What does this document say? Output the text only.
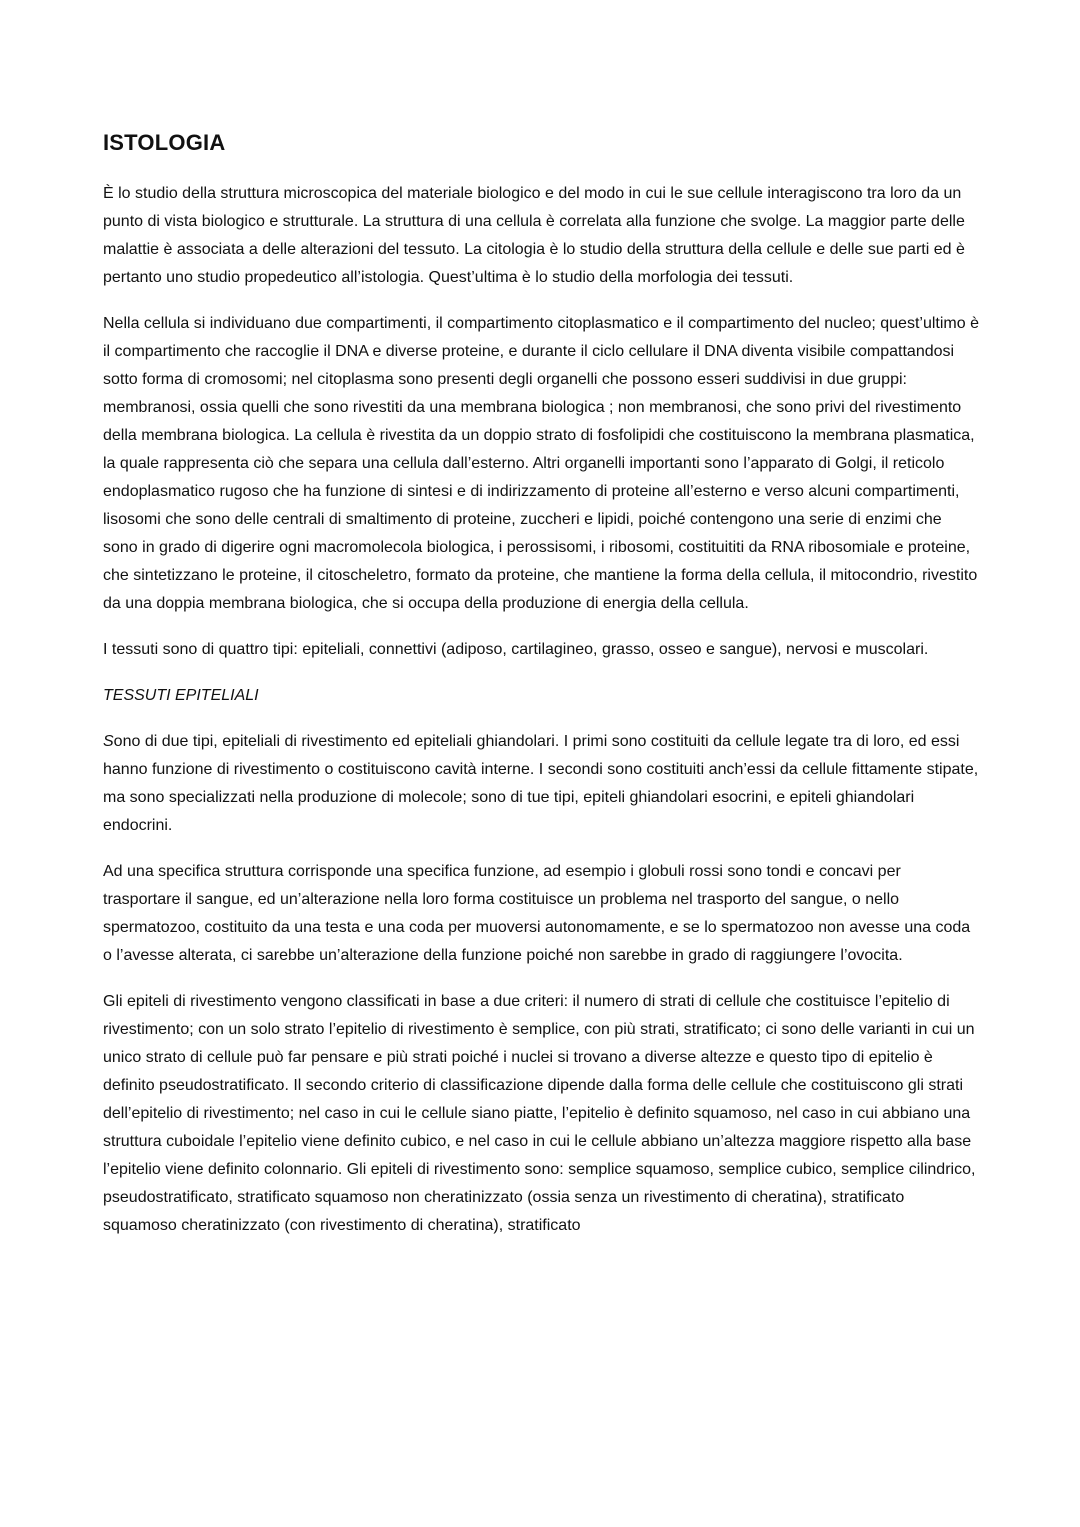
ISTOLOGIA

È lo studio della struttura microscopica del materiale biologico e del modo in cui le sue cellule interagiscono tra loro da un punto di vista biologico e strutturale. La struttura di una cellula è correlata alla funzione che svolge. La maggior parte delle malattie è associata a delle alterazioni del tessuto. La citologia è lo studio della struttura della cellule e delle sue parti ed è pertanto uno studio propedeutico all’istologia. Quest’ultima è lo studio della morfologia dei tessuti.

Nella cellula si individuano due compartimenti, il compartimento citoplasmatico e il compartimento del nucleo; quest’ultimo è il compartimento che raccoglie il DNA e diverse proteine, e durante il ciclo cellulare il DNA diventa visibile compattandosi sotto forma di cromosomi; nel citoplasma sono presenti degli organelli che possono esseri suddivisi in due gruppi: membranosi, ossia quelli che sono rivestiti da una membrana biologica ; non membranosi, che sono privi del rivestimento della membrana biologica. La cellula è rivestita da un doppio strato di fosfolipidi che costituiscono la membrana plasmatica, la quale rappresenta ciò che separa una cellula dall’esterno. Altri organelli importanti sono l’apparato di Golgi, il reticolo endoplasmatico rugoso che ha funzione di sintesi e di indirizzamento di proteine all’esterno e verso alcuni compartimenti, lisosomi che sono delle centrali di smaltimento di proteine, zuccheri e lipidi, poiché contengono una serie di enzimi che sono in grado di digerire ogni macromolecola biologica, i perossisomi, i ribosomi, costituititi da RNA ribosomiale e proteine, che sintetizzano le proteine, il citoscheletro, formato da proteine, che mantiene la forma della cellula, il mitocondrio, rivestito da una doppia membrana biologica, che si occupa della produzione di energia della cellula.

I tessuti sono di quattro tipi: epiteliali, connettivi (adiposo, cartilagineo, grasso, osseo e sangue), nervosi e muscolari.

TESSUTI EPITELIALI

Sono di due tipi, epiteliali di rivestimento ed epiteliali ghiandolari. I primi sono costituiti da cellule legate tra di loro, ed essi hanno funzione di rivestimento o costituiscono cavità interne. I secondi sono costituiti anch’essi da cellule fittamente stipate, ma sono specializzati nella produzione di molecole; sono di tue tipi, epiteli ghiandolari esocrini, e epiteli ghiandolari endocrini.

Ad una specifica struttura corrisponde una specifica funzione, ad esempio i globuli rossi sono tondi e concavi per trasportare il sangue, ed un’alterazione nella loro forma costituisce un problema nel trasporto del sangue, o nello spermatozoo, costituito da una testa e una coda per muoversi autonomamente, e se lo spermatozoo non avesse una coda o l’avesse alterata, ci sarebbe un’alterazione della funzione poiché non sarebbe in grado di raggiungere l’ovocita.

Gli epiteli di rivestimento vengono classificati in base a due criteri: il numero di strati di cellule che costituisce l’epitelio di rivestimento; con un solo strato l’epitelio di rivestimento è semplice, con più strati, stratificato; ci sono delle varianti in cui un unico strato di cellule può far pensare e più strati poiché i nuclei si trovano a diverse altezze e questo tipo di epitelio è definito pseudostratificato. Il secondo criterio di classificazione dipende dalla forma delle cellule che costituiscono gli strati dell’epitelio di rivestimento; nel caso in cui le cellule siano piatte, l’epitelio è definito squamoso, nel caso in cui abbiano una struttura cuboidale l’epitelio viene definito cubico, e nel caso in cui le cellule abbiano un’altezza maggiore rispetto alla base l’epitelio viene definito colonnario. Gli epiteli di rivestimento sono: semplice squamoso, semplice cubico, semplice cilindrico, pseudostratificato, stratificato squamoso non cheratinizzato (ossia senza un rivestimento di cheratina), stratificato squamoso cheratinizzato (con rivestimento di cheratina), stratificato
